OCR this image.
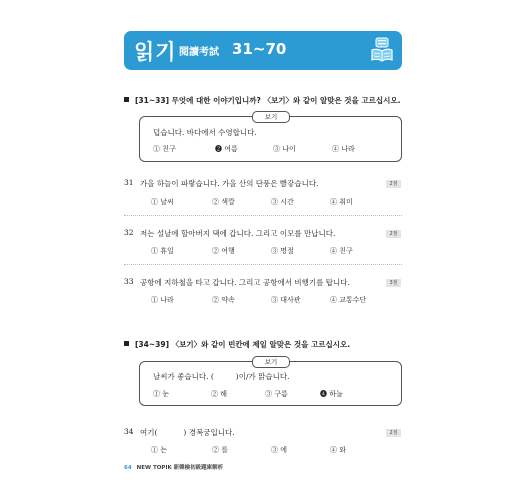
읽기 閱讀考試 31~70
[31~33] 무엇에 대한 이야기입니까? 〈보기〉와 같이 알맞은 것을 고르십시오.
보기
덥습니다. 바다에서 수영합니다.
① 친구	❷ 여름	③ 나이	④ 나라
31 가을 하늘이 파랗습니다. 가을 산의 단풍은 빨갛습니다.	2점
① 날씨	② 색깔	③ 시간	④ 취미
32 저는 설날에 할아버지 댁에 갑니다. 그리고 이모를 만납니다.	2점
① 휴일	② 여행	③ 명절	④ 친구
33 공항에 지하철을 타고 갑니다. 그리고 공항에서 비행기를 탑니다.	3점
① 나라	② 약속	③ 대사관	④ 교통수단
[34~39] 〈보기〉와 같이 빈칸에 제일 알맞은 것을 고르십시오.
보기
날씨가 좋습니다. (	)이/가 맑습니다.
① 눈	② 해	③ 구름	❹ 하늘
34 여기(	) 경복궁입니다.	2점
① 는	② 를	③ 에	④ 와
64 NEW TOPIK 新韓檢初級題庫解析
